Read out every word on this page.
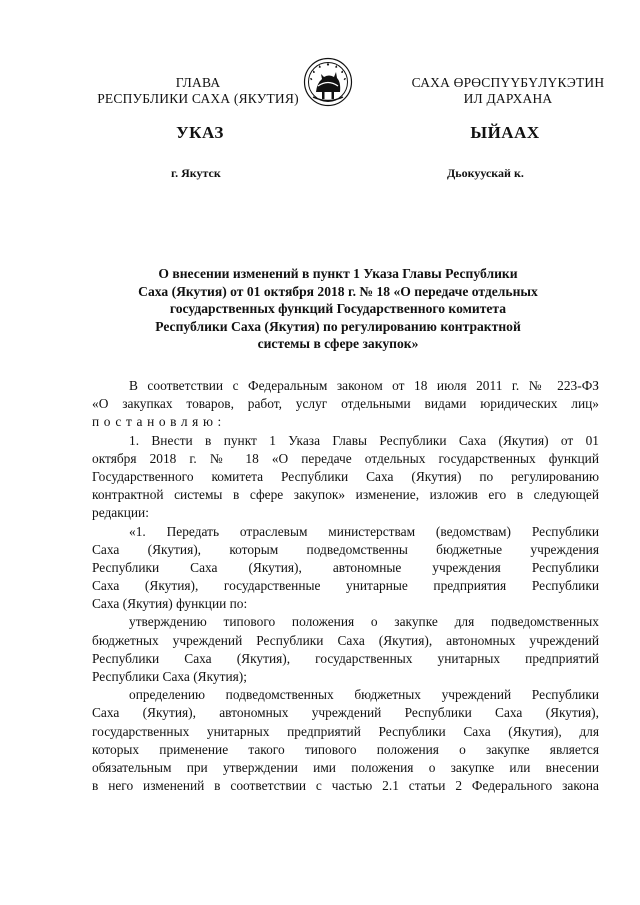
ГЛАВА
РЕСПУБЛИКИ САХА (ЯКУТИЯ)
САХА ӨРӨСПҮҮБҮЛҮКЭТИН
ИЛ ДАРХАНА
УКАЗ	ЫЙААХ
г. Якутск	Дьокуускай к.
О внесении изменений в пункт 1 Указа Главы Республики
Саха (Якутия) от 01 октября 2018 г. № 18 «О передаче отдельных
государственных функций Государственного комитета
Республики Саха (Якутия) по регулированию контрактной
системы в сфере закупок»
В соответствии с Федеральным законом от 18 июля 2011 г. № 223-ФЗ
«О закупках товаров, работ, услуг отдельными видами юридических лиц»
постановляю:
1. Внести в пункт 1 Указа Главы Республики Саха (Якутия) от 01
октября 2018 г. № 18 «О передаче отдельных государственных функций
Государственного комитета Республики Саха (Якутия) по регулированию
контрактной системы в сфере закупок» изменение, изложив его в следующей
редакции:
«1. Передать отраслевым министерствам (ведомствам) Республики
Саха (Якутия), которым подведомственны бюджетные учреждения
Республики Саха (Якутия), автономные учреждения Республики
Саха (Якутия), государственные унитарные предприятия Республики
Саха (Якутия) функции по:
утверждению типового положения о закупке для подведомственных
бюджетных учреждений Республики Саха (Якутия), автономных учреждений
Республики Саха (Якутия), государственных унитарных предприятий
Республики Саха (Якутия);
определению подведомственных бюджетных учреждений Республики
Саха (Якутия), автономных учреждений Республики Саха (Якутия),
государственных унитарных предприятий Республики Саха (Якутия), для
которых применение такого типового положения о закупке является
обязательным при утверждении ими положения о закупке или внесении
в него изменений в соответствии с частью 2.1 статьи 2 Федерального закона
